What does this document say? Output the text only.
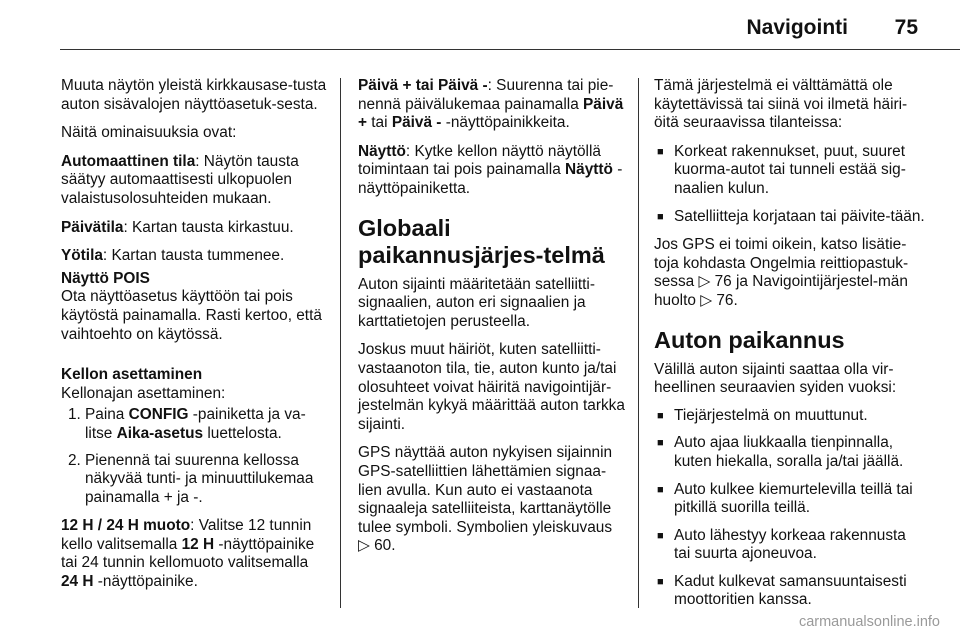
Navigointi 75

Muuta näytön yleistä kirkkausase-tusta auton sisävalojen näyttöasetuk-sesta.

Näitä ominaisuuksia ovat:

Automaattinen tila: Näytön tausta säätyy automaattisesti ulkopuolen valaistusolosuhteiden mukaan.

Päivätila: Kartan tausta kirkastuu.

Yötila: Kartan tausta tummenee.

Näyttö POIS

Ota näyttöasetus käyttöön tai pois käytöstä painamalla. Rasti kertoo, että vaihtoehto on käytössä.

Kellon asettaminen

Kellonajan asettaminen:

1. Paina CONFIG -painiketta ja va-litse Aika-asetus luettelosta.
2. Pienennä tai suurenna kellossa näkyvää tunti- ja minuuttilukemaa painamalla + ja -.

12 H / 24 H muoto: Valitse 12 tunnin kello valitsemalla 12 H -näyttöpainike tai 24 tunnin kellomuoto valitsemalla 24 H -näyttöpainike.

Päivä + tai Päivä -: Suurenna tai pie-nennä päivälukemaa painamalla Päivä + tai Päivä - -näyttöpainikkeita.

Näyttö: Kytke kellon näyttö näytöllä toimintaan tai pois painamalla Näyttö -näyttöpainiketta.

Globaali paikannusjärjes-telmä

Auton sijainti määritetään satelliitti-signaalien, auton eri signaalien ja karttatietojen perusteella.

Joskus muut häiriöt, kuten satelliitti-vastaanoton tila, tie, auton kunto ja/tai olosuhteet voivat häiritä navigointijär-jestelmän kykyä määrittää auton tarkka sijainti.

GPS näyttää auton nykyisen sijainnin GPS-satelliittien lähettämien signaa-lien avulla. Kun auto ei vastaanota signaaleja satelliiteista, karttanäytölle tulee symboli. Symbolien yleiskuvaus ▷ 60.

Tämä järjestelmä ei välttämättä ole käytettävissä tai siinä voi ilmetä häiri-öitä seuraavissa tilanteissa:

■ Korkeat rakennukset, puut, suuret kuorma-autot tai tunneli estää sig-naalien kulun.
■ Satelliitteja korjataan tai päivite-tään.

Jos GPS ei toimi oikein, katso lisätie-toja kohdasta Ongelmia reittiopastuk-sessa ▷ 76 ja Navigointijärjestel-män huolto ▷ 76.

Auton paikannus

Välillä auton sijainti saattaa olla vir-heellinen seuraavien syiden vuoksi:

■ Tiejärjestelmä on muuttunut.
■ Auto ajaa liukkaalla tienpinnalla, kuten hiekalla, soralla ja/tai jäällä.
■ Auto kulkee kiemurtelevilla teillä tai pitkillä suorilla teillä.
■ Auto lähestyy korkeaa rakennusta tai suurta ajoneuvoa.
■ Kadut kulkevat samansuuntaisesti moottoritien kanssa.
carmanualsonline.info
